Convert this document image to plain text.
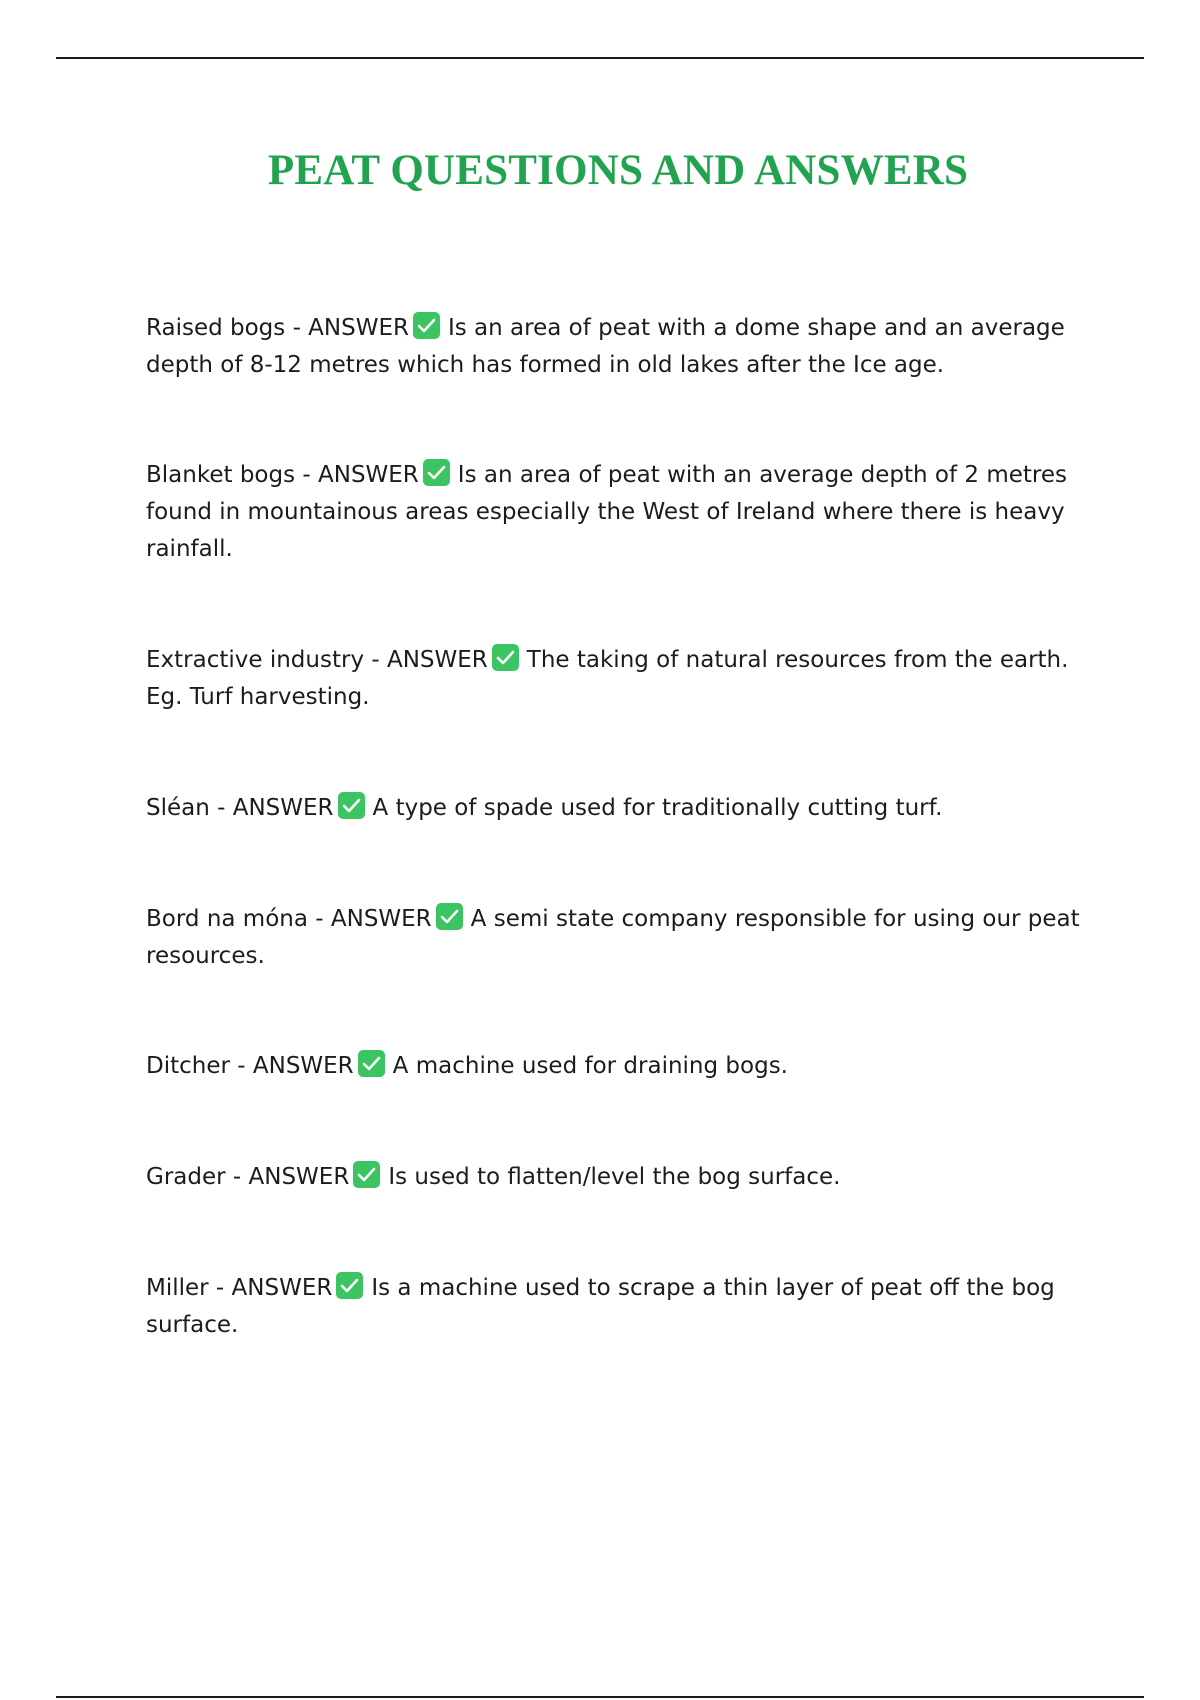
PEAT QUESTIONS AND ANSWERS

Raised bogs - ANSWER Is an area of peat with a dome shape and an average depth of 8-12 metres which has formed in old lakes after the Ice age.

Blanket bogs - ANSWER Is an area of peat with an average depth of 2 metres found in mountainous areas especially the West of Ireland where there is heavy rainfall.

Extractive industry - ANSWER The taking of natural resources from the earth. Eg. Turf harvesting.

Sléan - ANSWER A type of spade used for traditionally cutting turf.

Bord na móna - ANSWER A semi state company responsible for using our peat resources.

Ditcher - ANSWER A machine used for draining bogs.

Grader - ANSWER Is used to flatten/level the bog surface.

Miller - ANSWER Is a machine used to scrape a thin layer of peat off the bog surface.
